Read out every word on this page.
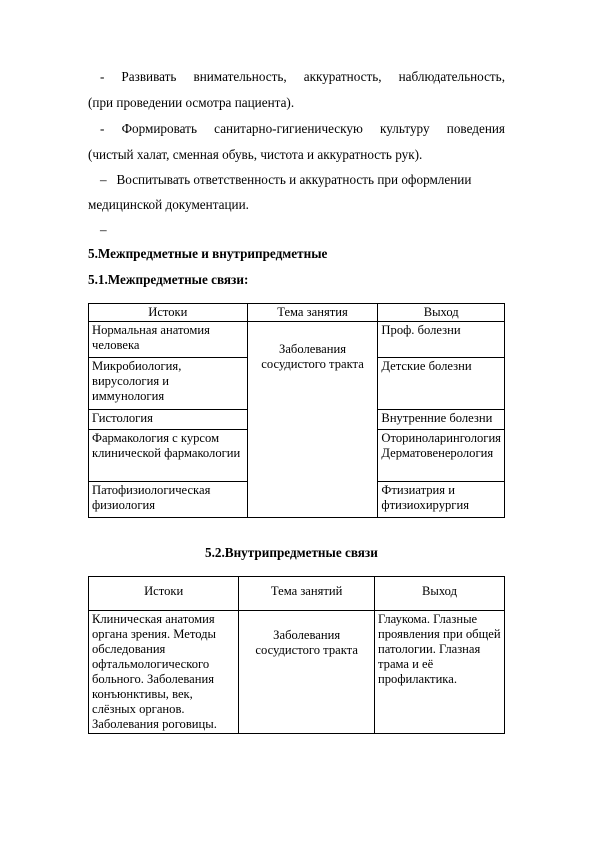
- Развивать внимательность, аккуратность, наблюдательность,

(при проведении осмотра пациента).

- Формировать санитарно-гигиеническую культуру поведения

(чистый халат, сменная обувь, чистота и аккуратность рук).

–   Воспитывать ответственность и аккуратность при оформлении

медицинской документации.

–

5.Межпредметные и внутрипредметные

5.1.Межпредметные связи:

Истоки	Тема занятия	Выход
Нормальная анатомия человека	Заболевания сосудистого тракта	Проф. болезни
Микробиология, вирусология и иммунология		Детские болезни
Гистология		Внутренние болезни
Фармакология с курсом клинической фармакологии		Оториноларингология Дерматовенерология
Патофизиологическая физиология		Фтизиатрия и фтизиохирургия

5.2.Внутрипредметные связи

Истоки	Тема занятий	Выход
Клиническая анатомия органа зрения. Методы обследования офтальмологического больного. Заболевания конъюнктивы, век, слёзных органов. Заболевания роговицы.	Заболевания сосудистого тракта	Глаукома. Глазные проявления при общей патологии. Глазная трама и её профилактика.
